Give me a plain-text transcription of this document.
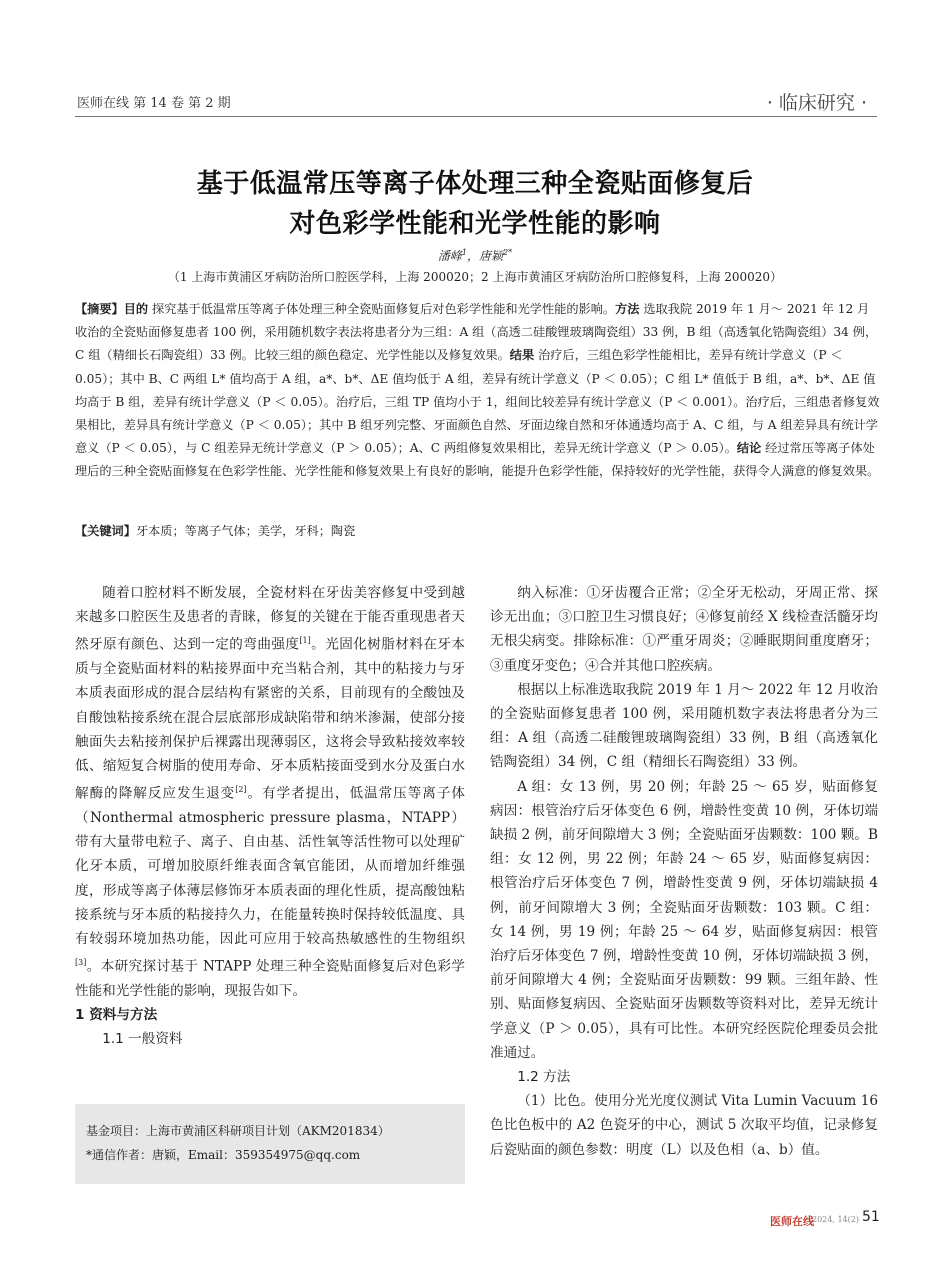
医师在线 第 14 卷 第 2 期	· 临床研究 ·
基于低温常压等离子体处理三种全瓷贴面修复后
对色彩学性能和光学性能的影响
潘峰$^1$，唐颖$^{2*}$
（1 上海市黄浦区牙病防治所口腔医学科，上海 200020；2 上海市黄浦区牙病防治所口腔修复科，上海 200020）
【摘要】目的 探究基于低温常压等离子体处理三种全瓷贴面修复后对色彩学性能和光学性能的影响。方法 选取我院 2019 年 1 月～ 2021 年 12 月收治的全瓷贴面修复患者 100 例，采用随机数字表法将患者分为三组：A 组（高透二硅酸锂玻璃陶瓷组）33 例，B 组（高透氧化锆陶瓷组）34 例，C 组（精细长石陶瓷组）33 例。比较三组的颜色稳定、光学性能以及修复效果。结果 治疗后，三组色彩学性能相比，差异有统计学意义（P ＜ 0.05）；其中 B、C 两组 L* 值均高于 A 组，a*、b*、ΔE 值均低于 A 组，差异有统计学意义（P ＜ 0.05）；C 组 L* 值低于 B 组，a*、b*、ΔE 值均高于 B 组，差异有统计学意义（P ＜ 0.05）。治疗后，三组 TP 值均小于 1，组间比较差异有统计学意义（P ＜ 0.001）。治疗后，三组患者修复效果相比，差异具有统计学意义（P ＜ 0.05）；其中 B 组牙列完整、牙面颜色自然、牙面边缘自然和牙体通透均高于 A、C 组，与 A 组差异具有统计学意义（P ＜ 0.05），与 C 组差异无统计学意义（P ＞ 0.05）；A、C 两组修复效果相比，差异无统计学意义（P ＞ 0.05）。结论 经过常压等离子体处理后的三种全瓷贴面修复在色彩学性能、光学性能和修复效果上有良好的影响，能提升色彩学性能，保持较好的光学性能，获得令人满意的修复效果。
【关键词】牙本质；等离子气体；美学，牙科；陶瓷

随着口腔材料不断发展，全瓷材料在牙齿美容修复中受到越来越多口腔医生及患者的青睐，修复的关键在于能否重现患者天然牙原有颜色、达到一定的弯曲强度[1]。光固化树脂材料在牙本质与全瓷贴面材料的粘接界面中充当粘合剂，其中的粘接力与牙本质表面形成的混合层结构有紧密的关系，目前现有的全酸蚀及自酸蚀粘接系统在混合层底部形成缺陷带和纳米渗漏，使部分接触面失去粘接剂保护后裸露出现薄弱区，这将会导致粘接效率较低、缩短复合树脂的使用寿命、牙本质粘接面受到水分及蛋白水解酶的降解反应发生退变[2]。有学者提出，低温常压等离子体（Nonthermal atmospheric pressure plasma，NTAPP）带有大量带电粒子、离子、自由基、活性氧等活性物可以处理矿化牙本质，可增加胶原纤维表面含氧官能团，从而增加纤维强度，形成等离子体薄层修饰牙本质表面的理化性质，提高酸蚀粘接系统与牙本质的粘接持久力，在能量转换时保持较低温度、具有较弱环境加热功能，因此可应用于较高热敏感性的生物组织[3]。本研究探讨基于 NTAPP 处理三种全瓷贴面修复后对色彩学性能和光学性能的影响，现报告如下。

1 资料与方法

1.1 一般资料

基金项目：上海市黄浦区科研项目计划（AKM201834）
*通信作者：唐颖，Email：359354975@qq.com

纳入标准：①牙齿覆合正常；②全牙无松动，牙周正常、探诊无出血；③口腔卫生习惯良好；④修复前经 X 线检查活髓牙均无根尖病变。排除标准：①严重牙周炎；②睡眠期间重度磨牙；③重度牙变色；④合并其他口腔疾病。

根据以上标准选取我院 2019 年 1 月～ 2022 年 12 月收治的全瓷贴面修复患者 100 例，采用随机数字表法将患者分为三组：A 组（高透二硅酸锂玻璃陶瓷组）33 例，B 组（高透氧化锆陶瓷组）34 例，C 组（精细长石陶瓷组）33 例。

A 组：女 13 例，男 20 例；年龄 25 ～ 65 岁，贴面修复病因：根管治疗后牙体变色 6 例，增龄性变黄 10 例，牙体切端缺损 2 例，前牙间隙增大 3 例；全瓷贴面牙齿颗数：100 颗。B 组：女 12 例，男 22 例；年龄 24 ～ 65 岁，贴面修复病因：根管治疗后牙体变色 7 例，增龄性变黄 9 例，牙体切端缺损 4 例，前牙间隙增大 3 例；全瓷贴面牙齿颗数：103 颗。C 组：女 14 例，男 19 例；年龄 25 ～ 64 岁，贴面修复病因：根管治疗后牙体变色 7 例，增龄性变黄 10 例，牙体切端缺损 3 例，前牙间隙增大 4 例；全瓷贴面牙齿颗数：99 颗。三组年龄、性别、贴面修复病因、全瓷贴面牙齿颗数等资料对比，差异无统计学意义（P ＞ 0.05），具有可比性。本研究经医院伦理委员会批准通过。

1.2 方法

（1）比色。使用分光光度仪测试 Vita Lumin Vacuum 16 色比色板中的 A2 色瓷牙的中心，测试 5 次取平均值，记录修复后瓷贴面的颜色参数：明度（L）以及色相（a、b）值。

医师在线
2024, 14(2) 51
